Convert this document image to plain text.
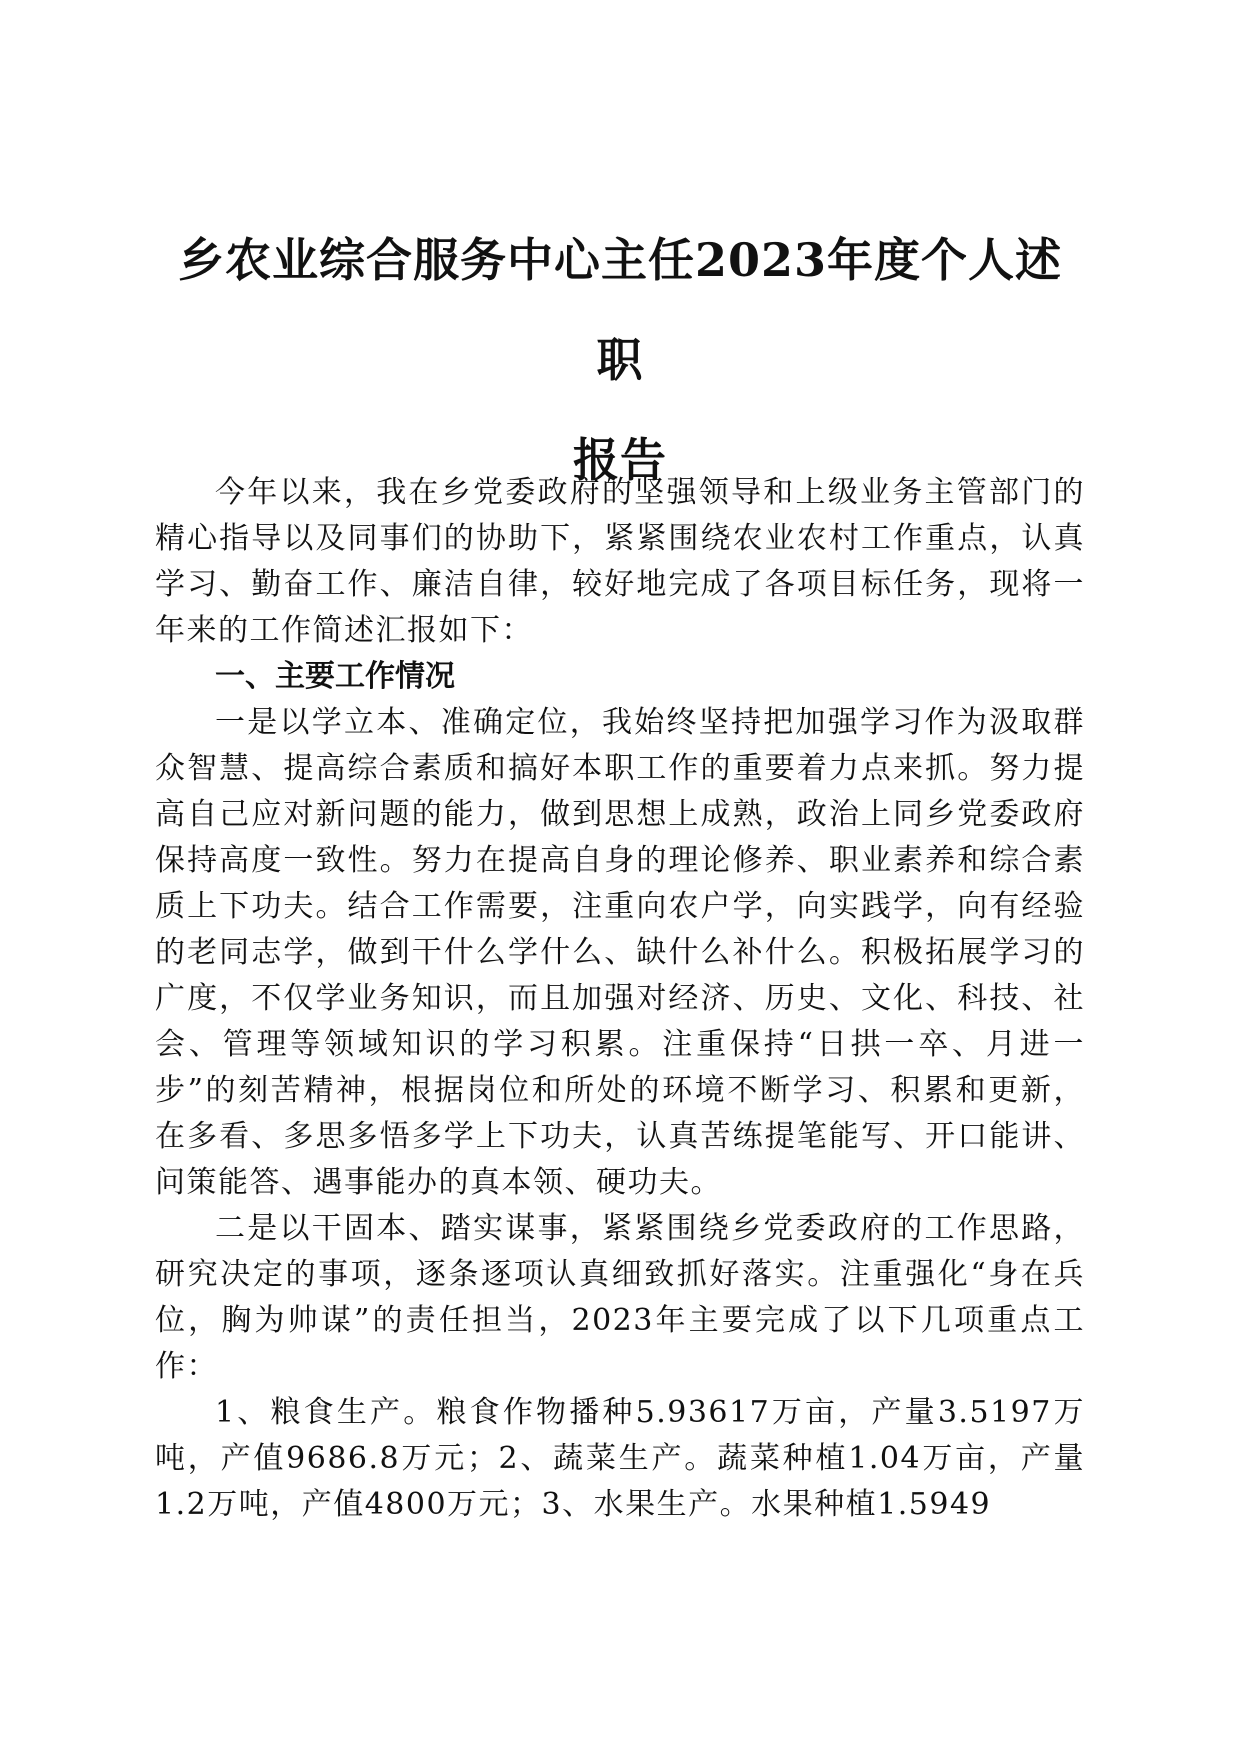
乡农业综合服务中心主任2023年度个人述职
报告

今年以来，我在乡党委政府的坚强领导和上级业务主管部门的精心指导以及同事们的协助下，紧紧围绕农业农村工作重点，认真学习、勤奋工作、廉洁自律，较好地完成了各项目标任务，现将一年来的工作简述汇报如下：

一、主要工作情况

一是以学立本、准确定位，我始终坚持把加强学习作为汲取群众智慧、提高综合素质和搞好本职工作的重要着力点来抓。努力提高自己应对新问题的能力，做到思想上成熟，政治上同乡党委政府保持高度一致性。努力在提高自身的理论修养、职业素养和综合素质上下功夫。结合工作需要，注重向农户学，向实践学，向有经验的老同志学，做到干什么学什么、缺什么补什么。积极拓展学习的广度，不仅学业务知识，而且加强对经济、历史、文化、科技、社会、管理等领域知识的学习积累。注重保持“日拱一卒、月进一步”的刻苦精神，根据岗位和所处的环境不断学习、积累和更新，在多看、多思多悟多学上下功夫，认真苦练提笔能写、开口能讲、问策能答、遇事能办的真本领、硬功夫。

二是以干固本、踏实谋事，紧紧围绕乡党委政府的工作思路，研究决定的事项，逐条逐项认真细致抓好落实。注重强化“身在兵位，胸为帅谋”的责任担当，2023年主要完成了以下几项重点工作：

1、粮食生产。粮食作物播种5.93617万亩，产量3.5197万吨，产值9686.8万元；2、蔬菜生产。蔬菜种植1.04万亩，产量1.2万吨，产值4800万元；3、水果生产。水果种植1.5949
